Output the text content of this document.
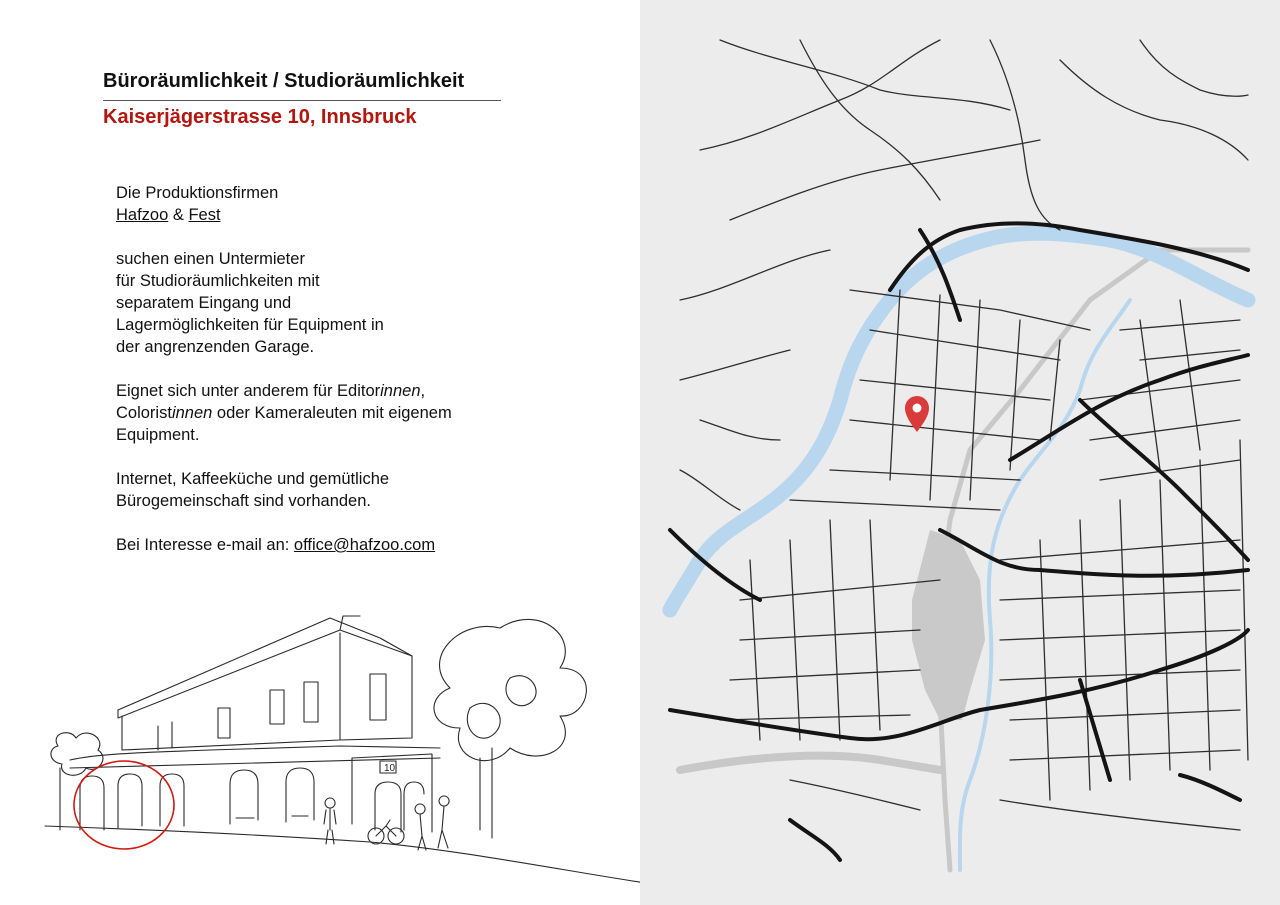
Büroräumlichkeit / Studioräumlichkeit
Kaiserjägerstrasse 10, Innsbruck

Die Produktionsfirmen

Hafzoo & Fest

suchen einen Untermieter

für Studioräumlichkeiten mit

separatem Eingang und

Lagermöglichkeiten für Equipment in

der angrenzenden Garage.

Eignet sich unter anderem für Editorinnen,

Coloristinnen oder Kameraleuten mit eigenem

Equipment.

Internet, Kaffeeküche und gemütliche

Bürogemeinschaft sind vorhanden.

Bei Interesse e-mail an: office@hafzoo.com

10
